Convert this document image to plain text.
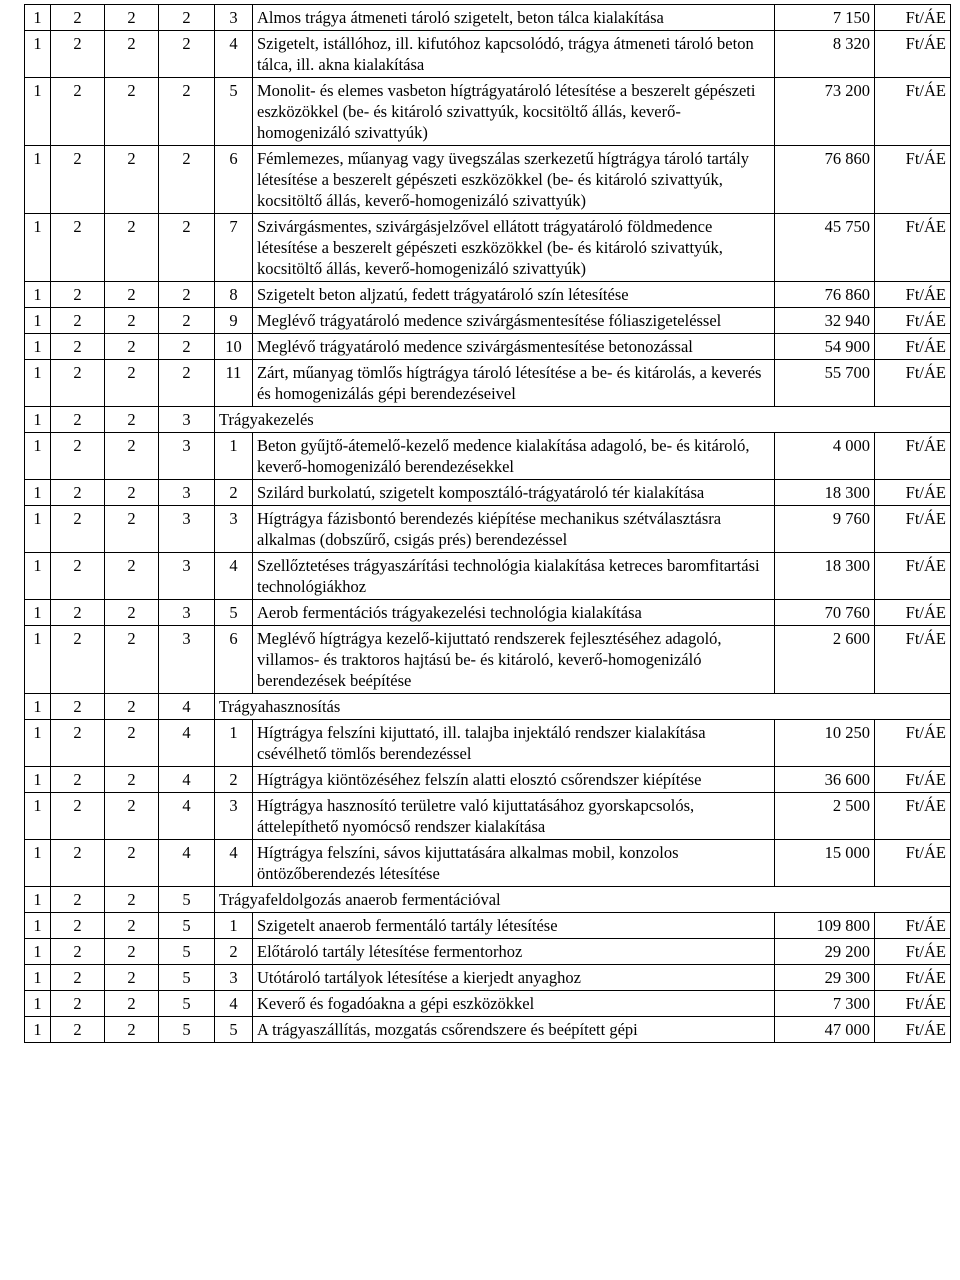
1	2	2	2	3	Almos trágya átmeneti tároló szigetelt, beton tálca kialakítása	7 150	Ft/ÁE
1	2	2	2	4	Szigetelt, istállóhoz, ill. kifutóhoz kapcsolódó, trágya átmeneti tároló beton tálca, ill. akna kialakítása	8 320	Ft/ÁE
1	2	2	2	5	Monolit- és elemes vasbeton hígtrágyatároló létesítése a beszerelt gépészeti eszközökkel (be- és kitároló szivattyúk, kocsitöltő állás, keverő-homogenizáló szivattyúk)	73 200	Ft/ÁE
1	2	2	2	6	Fémlemezes, műanyag vagy üvegszálas szerkezetű hígtrágya tároló tartály létesítése a beszerelt gépészeti eszközökkel (be- és kitároló szivattyúk, kocsitöltő állás, keverő-homogenizáló szivattyúk)	76 860	Ft/ÁE
1	2	2	2	7	Szivárgásmentes, szivárgásjelzővel ellátott trágyatároló földmedence létesítése a beszerelt gépészeti eszközökkel (be- és kitároló szivattyúk, kocsitöltő állás, keverő-homogenizáló szivattyúk)	45 750	Ft/ÁE
1	2	2	2	8	Szigetelt beton aljzatú, fedett trágyatároló szín létesítése	76 860	Ft/ÁE
1	2	2	2	9	Meglévő trágyatároló medence szivárgásmentesítése fóliaszigeteléssel	32 940	Ft/ÁE
1	2	2	2	10	Meglévő trágyatároló medence szivárgásmentesítése betonozással	54 900	Ft/ÁE
1	2	2	2	11	Zárt, műanyag tömlős hígtrágya tároló létesítése a be- és kitárolás, a keverés és homogenizálás gépi berendezéseivel	55 700	Ft/ÁE
1	2	2	3	Trágyakezelés			
1	2	2	3	1	Beton gyűjtő-átemelő-kezelő medence kialakítása adagoló, be- és kitároló, keverő-homogenizáló berendezésekkel	4 000	Ft/ÁE
1	2	2	3	2	Szilárd burkolatú, szigetelt komposztáló-trágyatároló tér kialakítása	18 300	Ft/ÁE
1	2	2	3	3	Hígtrágya fázisbontó berendezés kiépítése mechanikus szétválasztásra alkalmas (dobszűrő, csigás prés) berendezéssel	9 760	Ft/ÁE
1	2	2	3	4	Szellőztetéses trágyaszárítási technológia kialakítása ketreces baromfitartási technológiákhoz	18 300	Ft/ÁE
1	2	2	3	5	Aerob fermentációs trágyakezelési technológia kialakítása	70 760	Ft/ÁE
1	2	2	3	6	Meglévő hígtrágya kezelő-kijuttató rendszerek fejlesztéséhez adagoló, villamos- és traktoros hajtású be- és kitároló, keverő-homogenizáló berendezések beépítése	2 600	Ft/ÁE
1	2	2	4	Trágyahasznosítás			
1	2	2	4	1	Hígtrágya felszíni kijuttató, ill. talajba injektáló rendszer kialakítása csévélhető tömlős berendezéssel	10 250	Ft/ÁE
1	2	2	4	2	Hígtrágya kiöntözéséhez felszín alatti elosztó csőrendszer kiépítése	36 600	Ft/ÁE
1	2	2	4	3	Hígtrágya hasznosító területre való kijuttatásához gyorskapcsolós, áttelepíthető nyomócső rendszer kialakítása	2 500	Ft/ÁE
1	2	2	4	4	Hígtrágya felszíni, sávos kijuttatására alkalmas mobil, konzolos öntözőberendezés létesítése	15 000	Ft/ÁE
1	2	2	5	Trágyafeldolgozás anaerob fermentációval			
1	2	2	5	1	Szigetelt anaerob fermentáló tartály létesítése	109 800	Ft/ÁE
1	2	2	5	2	Előtároló tartály létesítése fermentorhoz	29 200	Ft/ÁE
1	2	2	5	3	Utótároló tartályok létesítése a kierjedt anyaghoz	29 300	Ft/ÁE
1	2	2	5	4	Keverő és fogadóakna a gépi eszközökkel	7 300	Ft/ÁE
1	2	2	5	5	A trágyaszállítás, mozgatás csőrendszere és beépített gépi	47 000	Ft/ÁE
